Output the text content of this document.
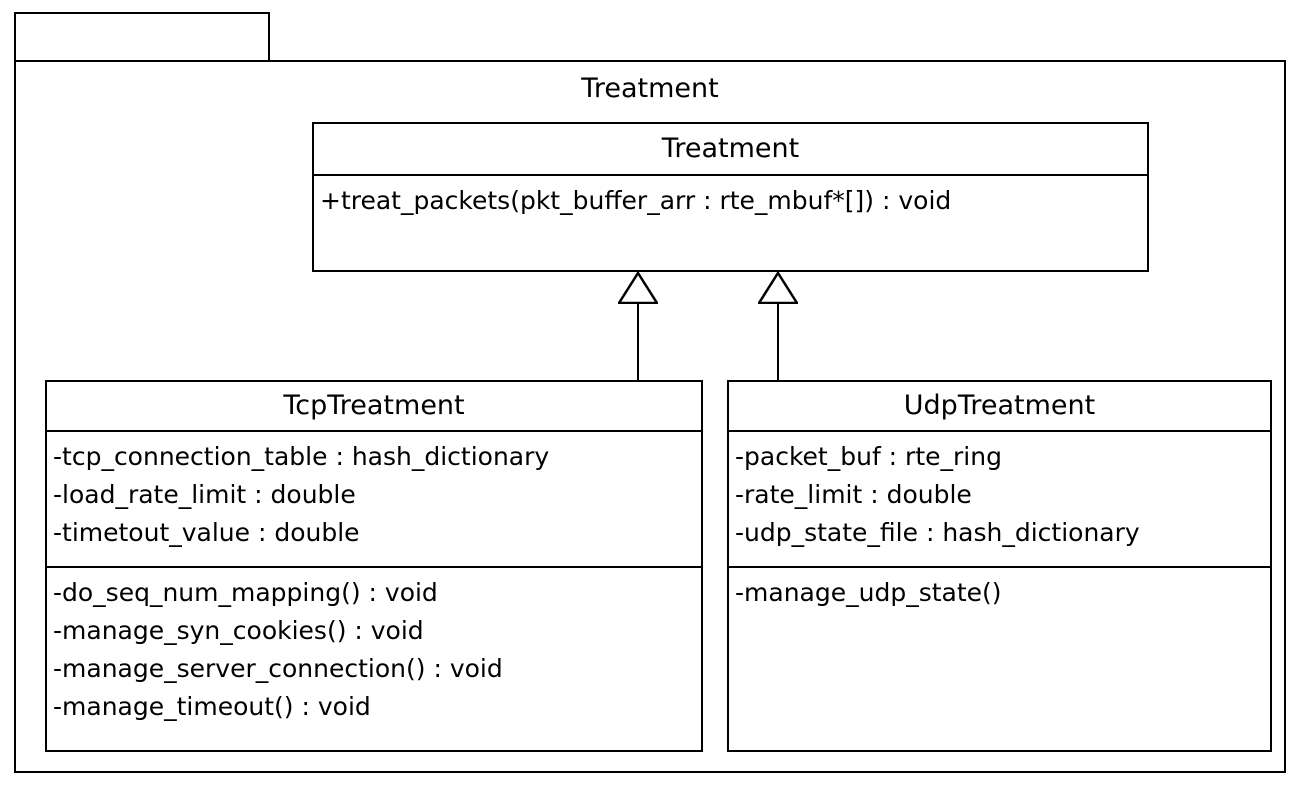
Treatment
Treatment
+treat_packets(pkt_buffer_arr : rte_mbuf*[]) : void
TcpTreatment
-tcp_connection_table : hash_dictionary
-load_rate_limit : double
-timetout_value : double
-do_seq_num_mapping() : void
-manage_syn_cookies() : void
-manage_server_connection() : void
-manage_timeout() : void
UdpTreatment
-packet_buf : rte_ring
-rate_limit : double
-udp_state_file : hash_dictionary
-manage_udp_state()
